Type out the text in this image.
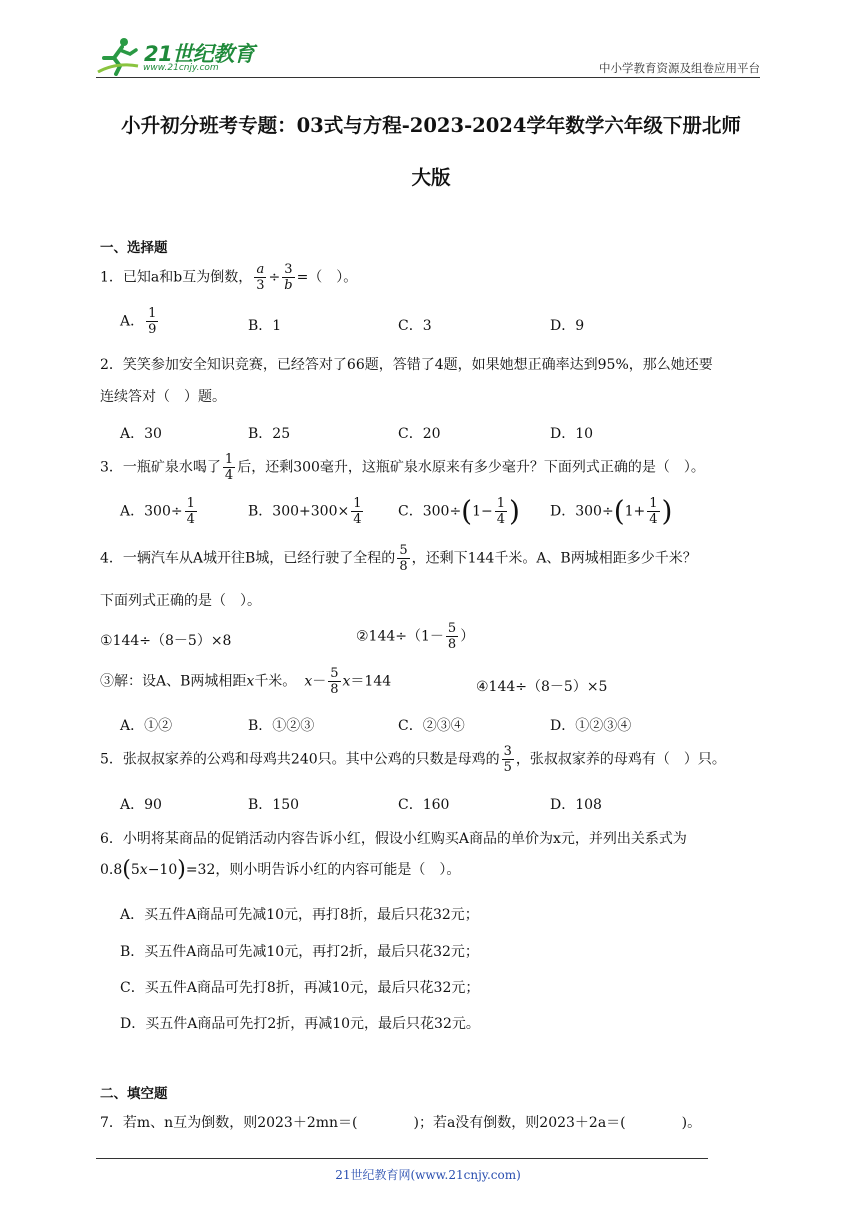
21世纪教育
www.21cnjy.com	中小学教育资源及组卷应用平台
小升初分班考专题：03式与方程-2023-2024学年数学六年级下册北师
大版
一、选择题
1．已知a和b互为倒数， $\frac{a}{3} \div \frac{3}{b}$ =（　）。
A． $\frac{1}{9}$	B．1	C．3	D．9
2．笑笑参加安全知识竞赛，已经答对了66题，答错了4题，如果她想正确率达到95%，那么她还要
连续答对（　）题。
A．30	B．25	C．20	D．10
3．一瓶矿泉水喝了 $\frac{1}{4}$ 后，还剩300毫升，这瓶矿泉水原来有多少毫升？下面列式正确的是（　）。
A．$300\div \frac{1}{4}$	B．$300+300\times \frac{1}{4}$ C．$300\div(1- \frac{1}{4}$ ) D．$300\div(1+ \frac{1}{4}$ )
4．一辆汽车从A城开往B城，已经行驶了全程的 $\frac{5}{8}$ ，还剩下144千米。A、B两城相距多少千米？
下面列式正确的是（　）。
①144÷（8－5）×8	②144÷（1－ $\frac{5}{8}$ ）
③解：设A、B两城相距x千米。 $x- \frac{5}{8} x=144$	④144÷（8－5）×5
A．①②	B．①②③	C．②③④	D．①②③④
5．张叔叔家养的公鸡和母鸡共240只。其中公鸡的只数是母鸡的 $\frac{3}{5}$ ，张叔叔家养的母鸡有（　）只。
A．90	B．150	C．160	D．108
6．小明将某商品的促销活动内容告诉小红，假设小红购买A商品的单价为x元，并列出关系式为
0.8(5x−10)=32，则小明告诉小红的内容可能是（　）。
A．买五件A商品可先减10元，再打8折，最后只花32元；
B．买五件A商品可先减10元，再打2折，最后只花32元；
C．买五件A商品可先打8折，再减10元，最后只花32元；
D．买五件A商品可先打2折，再减10元，最后只花32元。
二、填空题
7．若m、n互为倒数，则2023＋2mn＝(　　　　)；若a没有倒数，则2023＋2a＝(　　　　)。
21世纪教育网(www.21cnjy.com)
